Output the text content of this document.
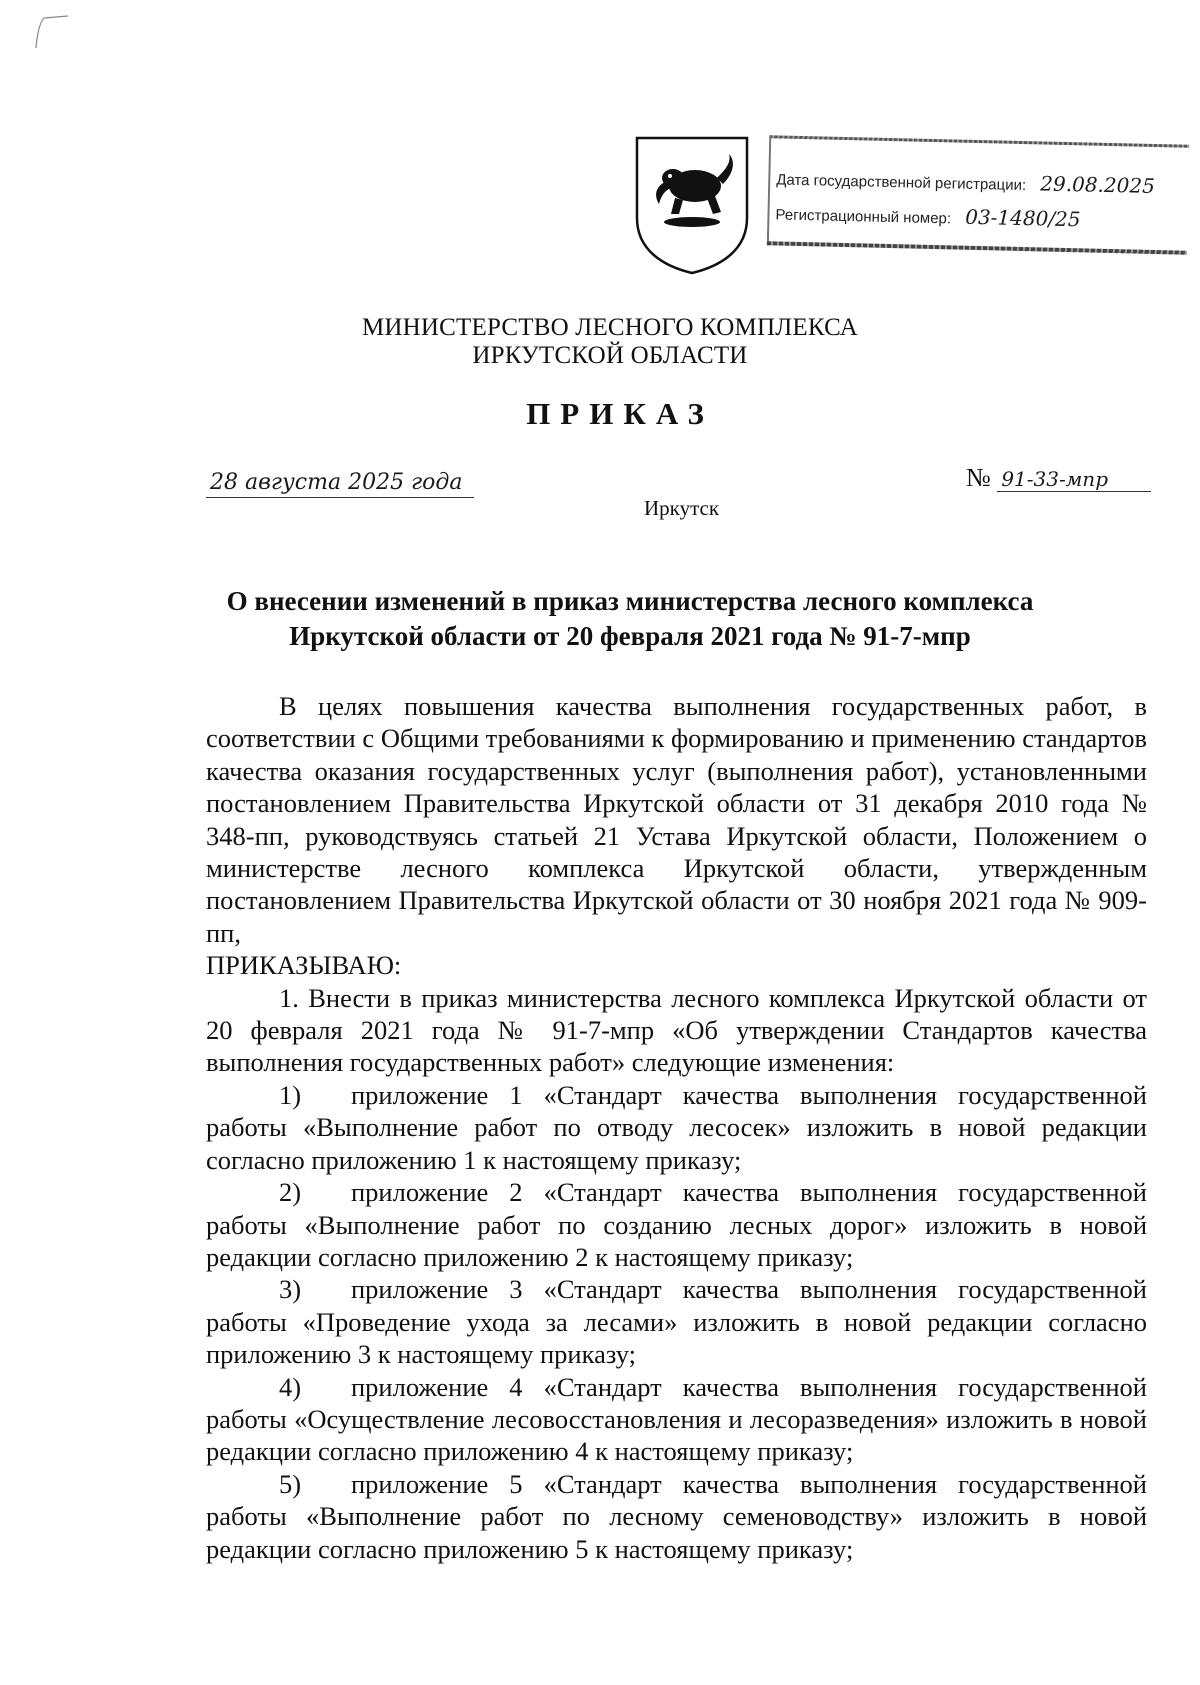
Дата государственной регистрации: 29.08.2025
Регистрационный номер: 03-1480/25
МИНИСТЕРСТВО ЛЕСНОГО КОМПЛЕКСА
ИРКУТСКОЙ ОБЛАСТИ
ПРИКАЗ
28 августа 2025 года	№ 91-33-мпр
Иркутск
О внесении изменений в приказ министерства лесного комплекса
Иркутской области от 20 февраля 2021 года № 91-7-мпр

В целях повышения качества выполнения государственных работ, в соответствии с Общими требованиями к формированию и применению стандартов качества оказания государственных услуг (выполнения работ), установленными постановлением Правительства Иркутской области от 31 декабря 2010 года № 348-пп, руководствуясь статьей 21 Устава Иркутской области, Положением о министерстве лесного комплекса Иркутской области, утвержденным постановлением Правительства Иркутской области от 30 ноября 2021 года № 909-пп,

ПРИКАЗЫВАЮ:

1. Внести в приказ министерства лесного комплекса Иркутской области от 20 февраля 2021 года № 91-7-мпр «Об утверждении Стандартов качества выполнения государственных работ» следующие изменения:

1) приложение 1 «Стандарт качества выполнения государственной работы «Выполнение работ по отводу лесосек» изложить в новой редакции согласно приложению 1 к настоящему приказу;

2) приложение 2 «Стандарт качества выполнения государственной работы «Выполнение работ по созданию лесных дорог» изложить в новой редакции согласно приложению 2 к настоящему приказу;

3) приложение 3 «Стандарт качества выполнения государственной работы «Проведение ухода за лесами» изложить в новой редакции согласно приложению 3 к настоящему приказу;

4) приложение 4 «Стандарт качества выполнения государственной работы «Осуществление лесовосстановления и лесоразведения» изложить в новой редакции согласно приложению 4 к настоящему приказу;

5) приложение 5 «Стандарт качества выполнения государственной работы «Выполнение работ по лесному семеноводству» изложить в новой редакции согласно приложению 5 к настоящему приказу;
